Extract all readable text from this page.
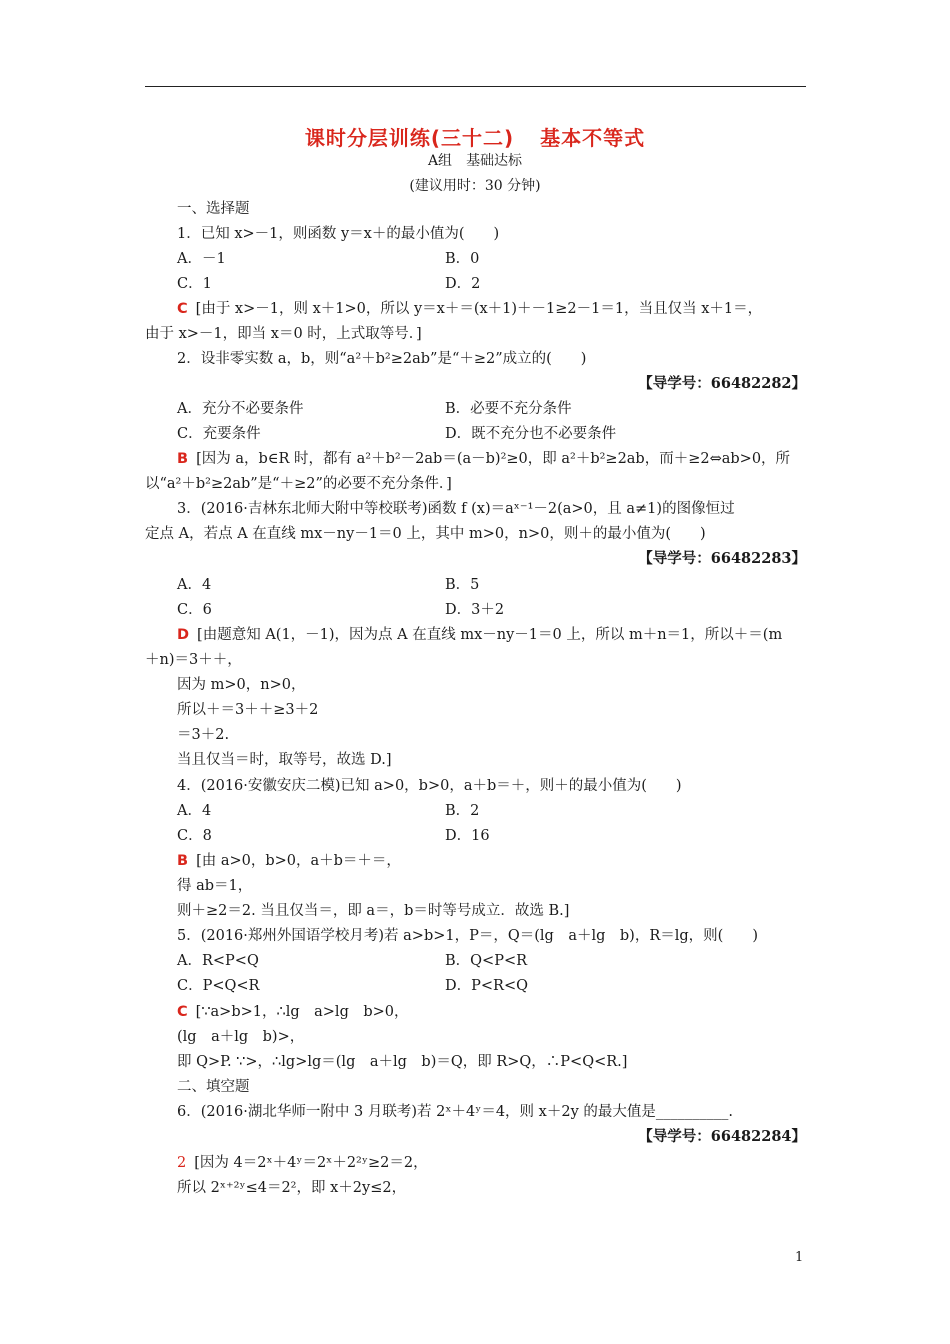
课时分层训练(三十二) 基本不等式
A组 基础达标
(建议用时：30 分钟)
一、选择题
1．已知 x>－1，则函数 y＝x＋的最小值为(　　)
A．－1	B．0
C．1	D．2
C [由于 x>－1，则 x＋1>0，所以 y＝x＋＝(x＋1)＋－1≥2－1＝1，当且仅当 x＋1＝，
由于 x>－1，即当 x＝0 时，上式取等号．]
2．设非零实数 a，b，则“a²＋b²≥2ab”是“＋≥2”成立的(　　)
【导学号：66482282】
A．充分不必要条件	B．必要不充分条件
C．充要条件	D．既不充分也不必要条件
B [因为 a，b∈R 时，都有 a²＋b²－2ab＝(a－b)²≥0，即 a²＋b²≥2ab，而＋≥2⇔ab>0，所
以“a²＋b²≥2ab”是“＋≥2”的必要不充分条件．]
3．(2016·吉林东北师大附中等校联考)函数 f (x)＝aˣ⁻¹－2(a>0，且 a≠1)的图像恒过
定点 A，若点 A 在直线 mx－ny－1＝0 上，其中 m>0，n>0，则＋的最小值为(　　)
【导学号：66482283】
A．4	B．5
C．6	D．3＋2
D [由题意知 A(1，－1)，因为点 A 在直线 mx－ny－1＝0 上，所以 m＋n＝1，所以＋＝(m
＋n)＝3＋＋，
因为 m>0，n>0，
所以＋＝3＋＋≥3＋2
＝3＋2.
当且仅当＝时，取等号，故选 D.]
4．(2016·安徽安庆二模)已知 a>0，b>0，a＋b＝＋，则＋的最小值为(　　)
A．4	B．2
C．8	D．16
B [由 a>0，b>0，a＋b＝＋＝，
得 ab＝1，
则＋≥2＝2. 当且仅当＝，即 a＝，b＝时等号成立．故选 B.]
5．(2016·郑州外国语学校月考)若 a>b>1，P＝，Q＝(lg　a＋lg　b)，R＝lg，则(　　)
A．R<P<Q	B．Q<P<R
C．P<Q<R	D．P<R<Q
C [∵a>b>1，∴lg　a>lg　b>0，
(lg　a＋lg　b)>，
即 Q>P. ∵>，∴lg>lg＝(lg　a＋lg　b)＝Q，即 R>Q，∴P<Q<R.]
二、填空题
6．(2016·湖北华师一附中 3 月联考)若 2ˣ＋4ʸ＝4，则 x＋2y 的最大值是__________.
【导学号：66482284】
2 [因为 4＝2ˣ＋4ʸ＝2ˣ＋2²ʸ≥2＝2，
所以 2ˣ⁺²ʸ≤4＝2²，即 x＋2y≤2，
1
